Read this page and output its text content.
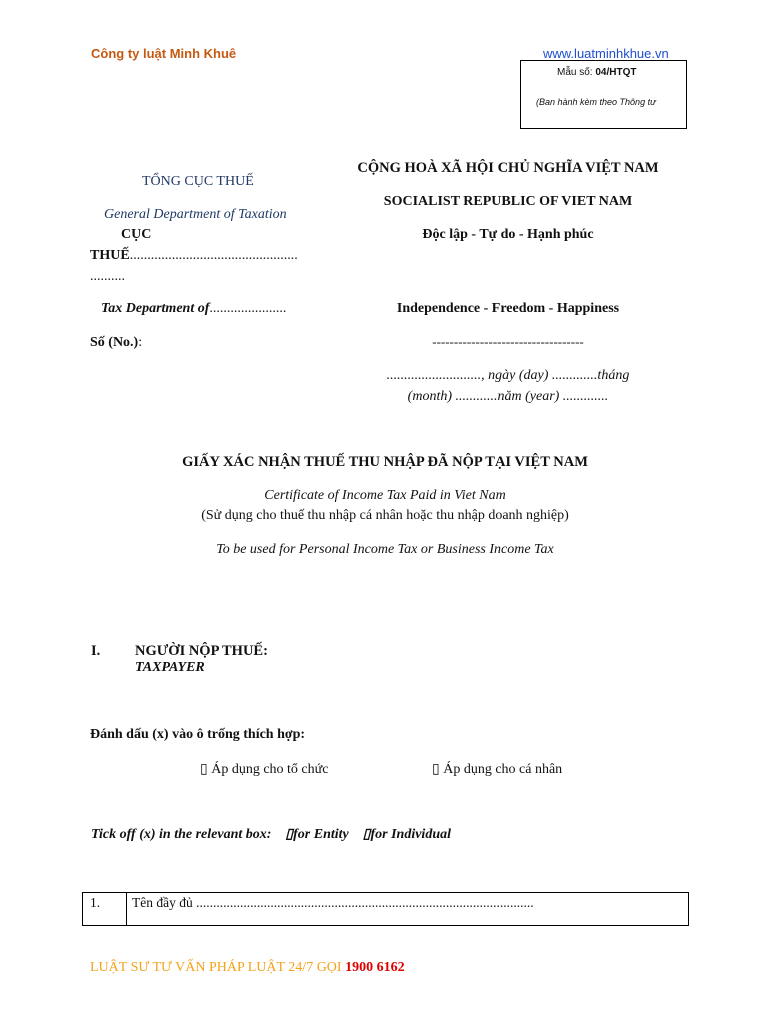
Công ty luật Minh Khuê	www.luatminhkhue.vn
Mẫu số: 04/HTQT
(Ban hành kèm theo Thông tư
TỔNG CỤC THUẾ
General Department of Taxation
CỤC
THUẾ................................................
..........
Tax Department of......................
Số (No.):
CỘNG HOÀ XÃ HỘI CHỦ NGHĨA VIỆT NAM
SOCIALIST REPUBLIC OF VIET NAM
Độc lập - Tự do - Hạnh phúc
Independence - Freedom - Happiness
-----------------------------------
..........................., ngày (day) .............tháng
(month) ............năm (year) .............
GIẤY XÁC NHẬN THUẾ THU NHẬP ĐÃ NỘP TẠI VIỆT NAM
Certificate of Income Tax Paid in Viet Nam
(Sử dụng cho thuế thu nhập cá nhân hoặc thu nhập doanh nghiệp)
To be used for Personal Income Tax or Business Income Tax
I. NGƯỜI NỘP THUẾ:
TAXPAYER
Đánh dấu (x) vào ô trống thích hợp:
▯ Áp dụng cho tổ chức	▯ Áp dụng cho cá nhân
Tick off (x) in the relevant box: ▯for Entity ▯for Individual
1. Tên đầy đủ ....................................................................................................
LUẬT SƯ TƯ VẤN PHÁP LUẬT 24/7 GỌI 1900 6162
